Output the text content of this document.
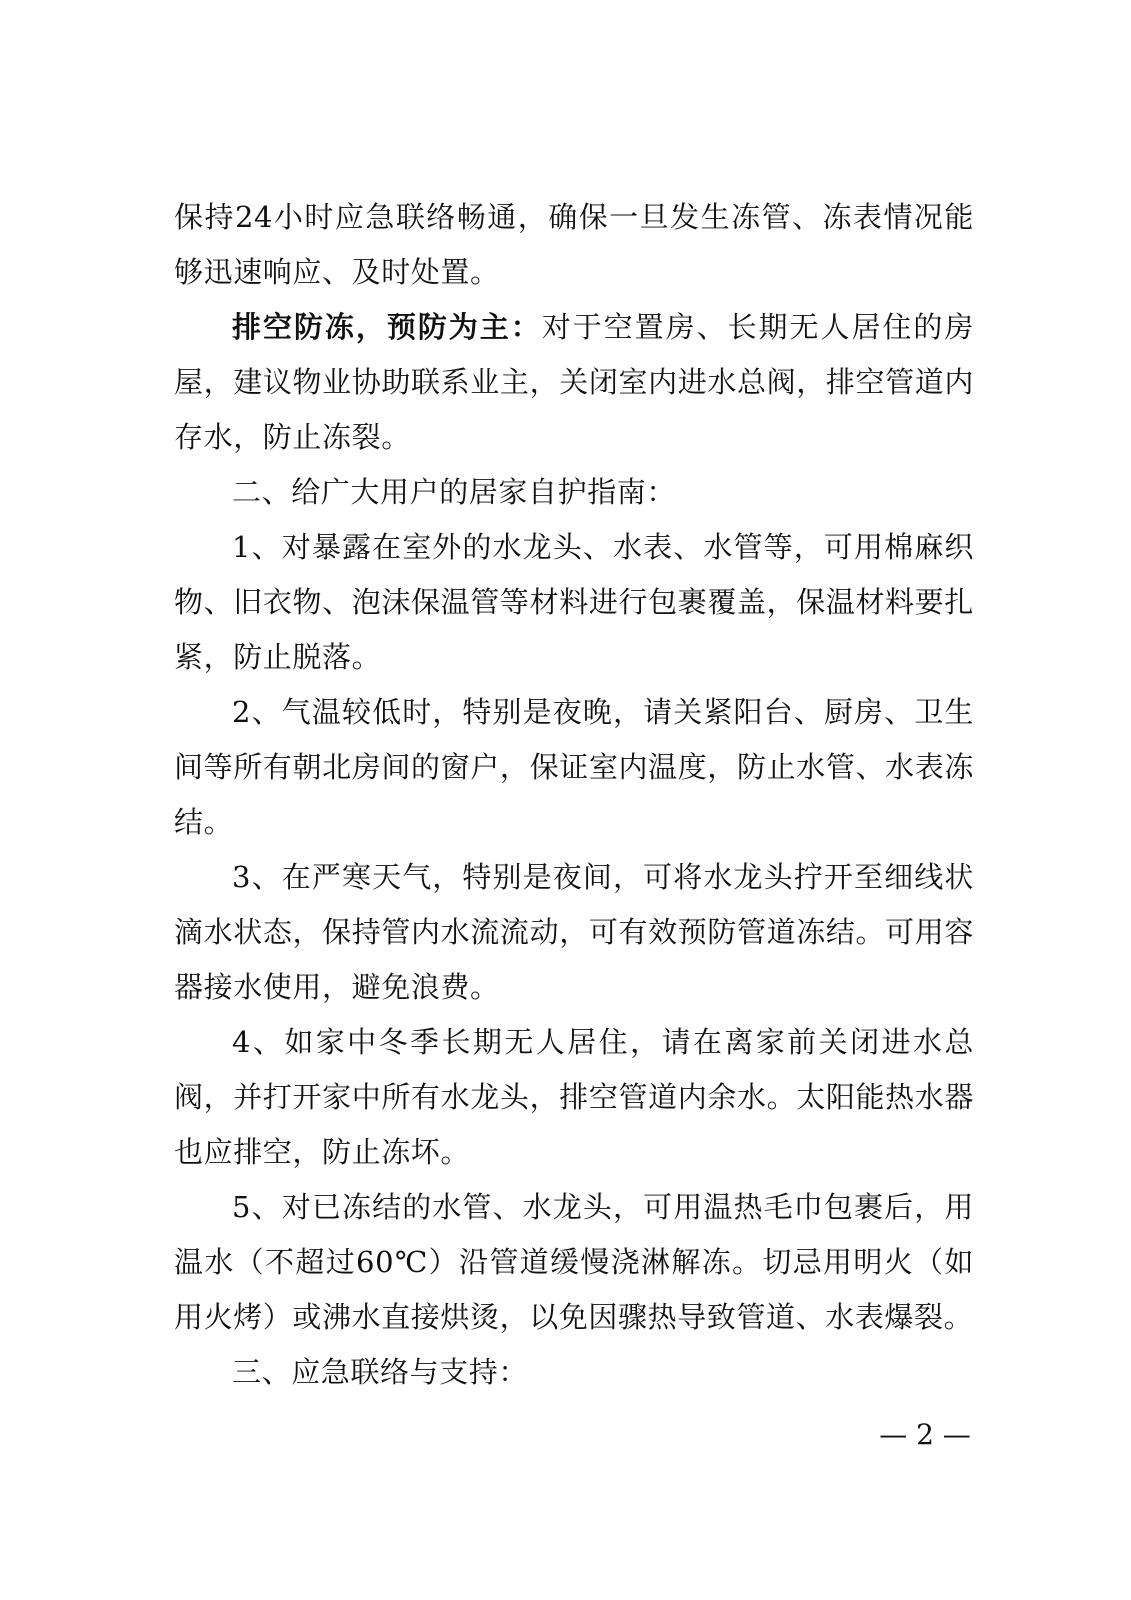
保持24小时应急联络畅通，确保一旦发生冻管、冻表情况能够迅速响应、及时处置。

排空防冻，预防为主：对于空置房、长期无人居住的房屋，建议物业协助联系业主，关闭室内进水总阀，排空管道内存水，防止冻裂。

二、给广大用户的居家自护指南：

1、对暴露在室外的水龙头、水表、水管等，可用棉麻织物、旧衣物、泡沫保温管等材料进行包裹覆盖，保温材料要扎紧，防止脱落。

2、气温较低时，特别是夜晚，请关紧阳台、厨房、卫生间等所有朝北房间的窗户，保证室内温度，防止水管、水表冻结。

3、在严寒天气，特别是夜间，可将水龙头拧开至细线状滴水状态，保持管内水流流动，可有效预防管道冻结。可用容器接水使用，避免浪费。

4、如家中冬季长期无人居住，请在离家前关闭进水总阀，并打开家中所有水龙头，排空管道内余水。太阳能热水器也应排空，防止冻坏。

5、对已冻结的水管、水龙头，可用温热毛巾包裹后，用温水（不超过60℃）沿管道缓慢浇淋解冻。切忌用明火（如用火烤）或沸水直接烘烫，以免因骤热导致管道、水表爆裂。

三、应急联络与支持：

— 2 —
